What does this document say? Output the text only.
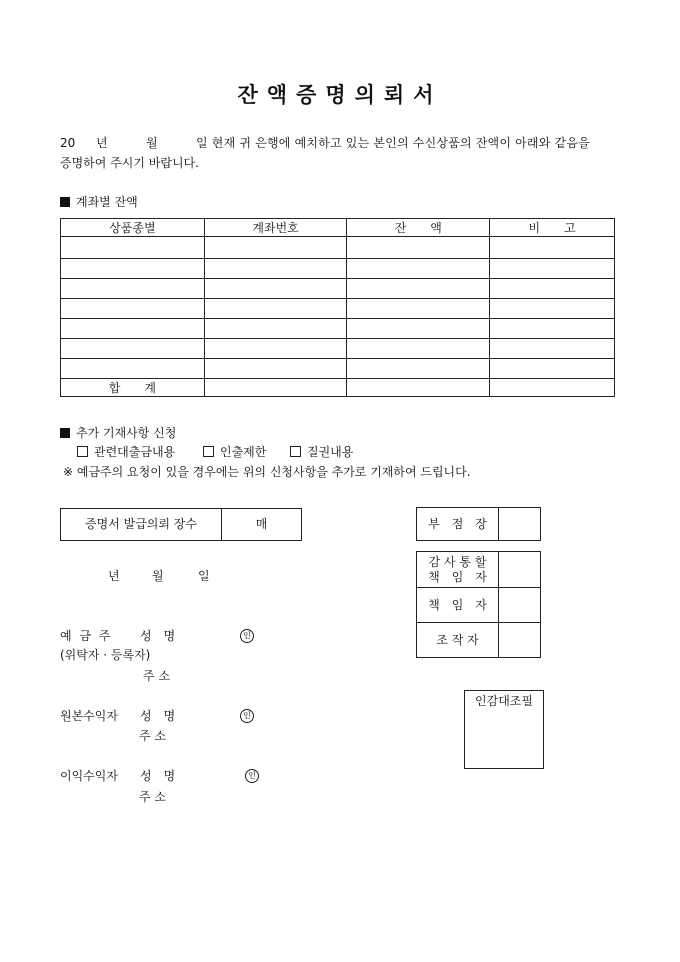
잔액증명의뢰서
20 년	월	일 현재 귀 은행에 예치하고 있는 본인의 수신상품의 잔액이 아래와 같음을
증명하여 주시기 바랍니다.
계좌별 잔액
상품종별	계좌번호	잔　　액	비　　고

합　　계			
추가 기재사항 신청
관련대출금내용	인출제한	질권내용
※ 예금주의 요청이 있을 경우에는 위의 신청사항을 추가로 기재하여 드립니다.
증명서 발급의뢰 장수	매
년	월	일
예 금 주 성　명	인
(위탁자 · 등록자)
주 소
원본수익자 성　명	인
주 소
이익수익자 성　명	인
주 소
부　점　장
감 사 통 할
책　임　자
책　임　자
조 작 자
인감대조필
